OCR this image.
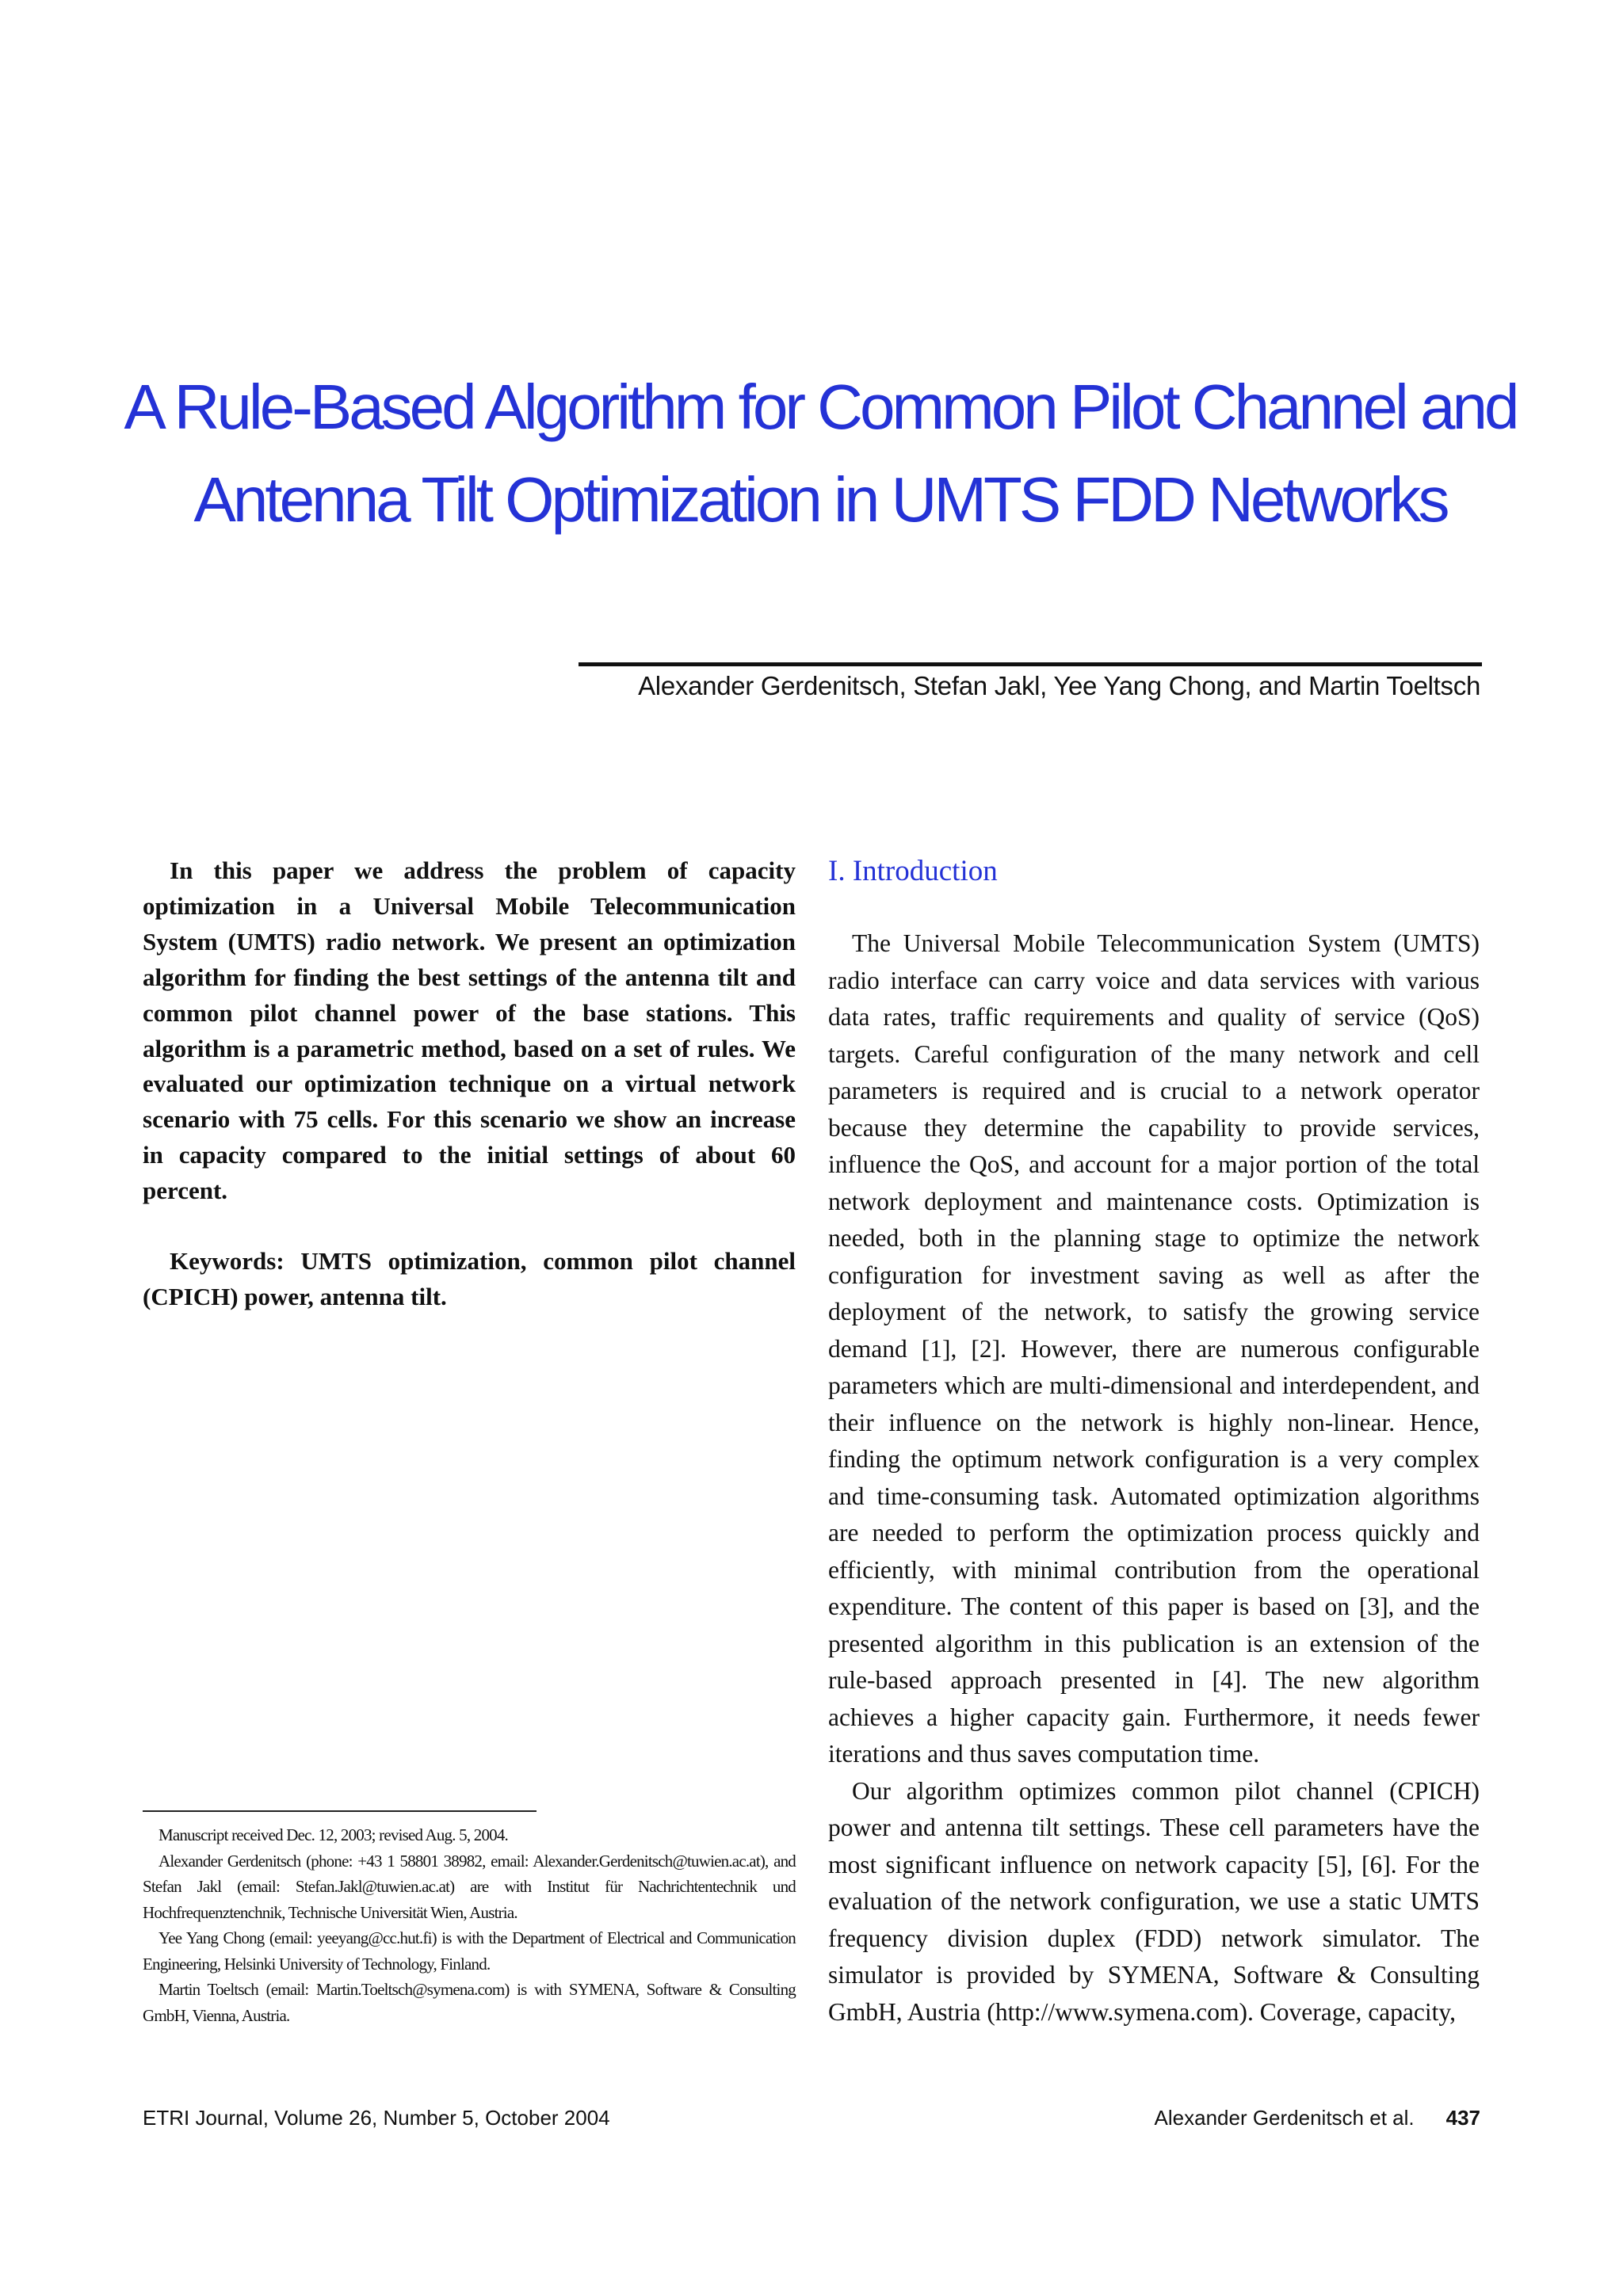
A Rule-Based Algorithm for Common Pilot Channel and
Antenna Tilt Optimization in UMTS FDD Networks
Alexander Gerdenitsch, Stefan Jakl, Yee Yang Chong, and Martin Toeltsch

In this paper we address the problem of capacity optimization in a Universal Mobile Telecommunication System (UMTS) radio network. We present an optimization algorithm for finding the best settings of the antenna tilt and common pilot channel power of the base stations. This algorithm is a parametric method, based on a set of rules. We evaluated our optimization technique on a virtual network scenario with 75 cells. For this scenario we show an increase in capacity compared to the initial settings of about 60 percent.

Keywords: UMTS optimization, common pilot channel (CPICH) power, antenna tilt.

Manuscript received Dec. 12, 2003; revised Aug. 5, 2004.

Alexander Gerdenitsch (phone: +43 1 58801 38982, email: Alexander.Gerdenitsch@tuwien.ac.at), and Stefan Jakl (email: Stefan.Jakl@tuwien.ac.at) are with Institut für Nachrichtentechnik und Hochfrequenztenchnik, Technische Universität Wien, Austria.

Yee Yang Chong (email: yeeyang@cc.hut.fi) is with the Department of Electrical and Communication Engineering, Helsinki University of Technology, Finland.

Martin Toeltsch (email: Martin.Toeltsch@symena.com) is with SYMENA, Software & Consulting GmbH, Vienna, Austria.

I. Introduction

The Universal Mobile Telecommunication System (UMTS) radio interface can carry voice and data services with various data rates, traffic requirements and quality of service (QoS) targets. Careful configuration of the many network and cell parameters is required and is crucial to a network operator because they determine the capability to provide services, influence the QoS, and account for a major portion of the total network deployment and maintenance costs. Optimization is needed, both in the planning stage to optimize the network configuration for investment saving as well as after the deployment of the network, to satisfy the growing service demand [1], [2]. However, there are numerous configurable parameters which are multi-dimensional and interdependent, and their influence on the network is highly non-linear. Hence, finding the optimum network configuration is a very complex and time-consuming task. Automated optimization algorithms are needed to perform the optimization process quickly and efficiently, with minimal contribution from the operational expenditure. The content of this paper is based on [3], and the presented algorithm in this publication is an extension of the rule-based approach presented in [4]. The new algorithm achieves a higher capacity gain. Furthermore, it needs fewer iterations and thus saves computation time.

Our algorithm optimizes common pilot channel (CPICH) power and antenna tilt settings. These cell parameters have the most significant influence on network capacity [5], [6]. For the evaluation of the network configuration, we use a static UMTS frequency division duplex (FDD) network simulator. The simulator is provided by SYMENA, Software & Consulting GmbH, Austria (http://www.symena.com). Coverage, capacity,

ETRI Journal, Volume 26, Number 5, October 2004	Alexander Gerdenitsch et al. 437
